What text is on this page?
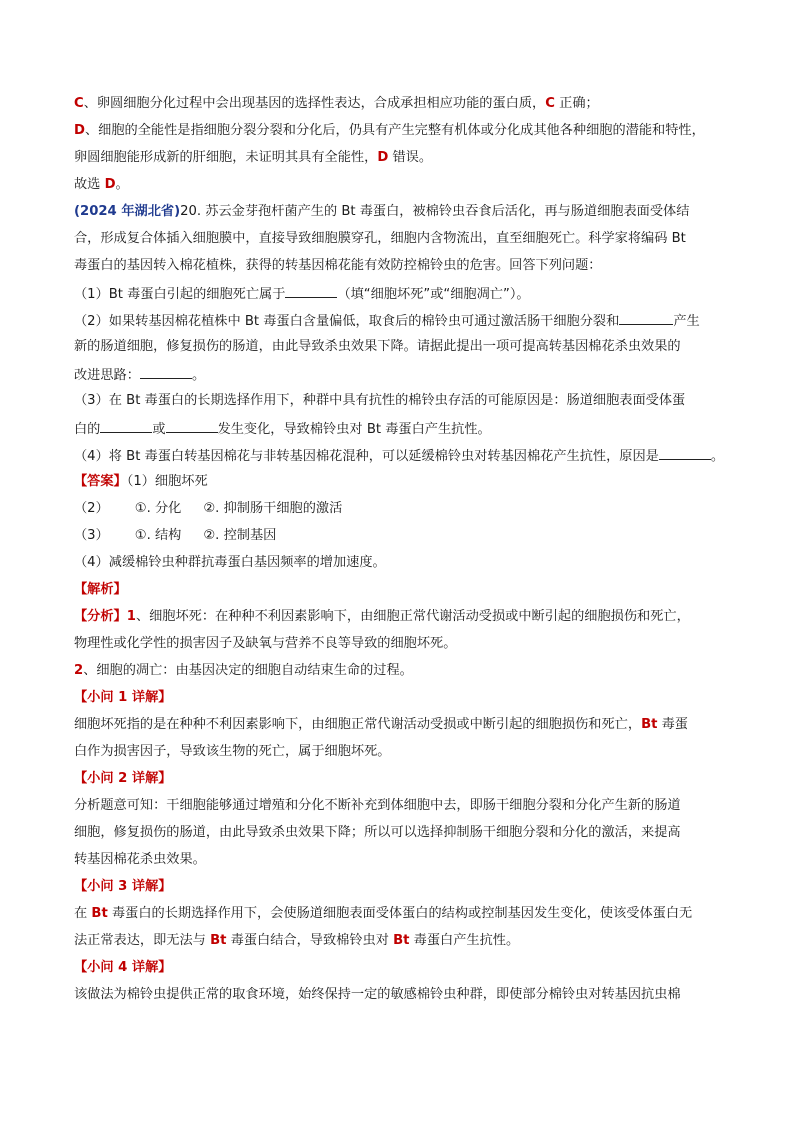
C、卵圆细胞分化过程中会出现基因的选择性表达，合成承担相应功能的蛋白质，C 正确；
D、细胞的全能性是指细胞分裂分裂和分化后，仍具有产生完整有机体或分化成其他各种细胞的潜能和特性，
卵圆细胞能形成新的肝细胞，未证明其具有全能性，D 错误。
故选 D。
(2024 年湖北省)20. 苏云金芽孢杆菌产生的 Bt 毒蛋白，被棉铃虫吞食后活化，再与肠道细胞表面受体结
合，形成复合体插入细胞膜中，直接导致细胞膜穿孔，细胞内含物流出，直至细胞死亡。科学家将编码 Bt
毒蛋白的基因转入棉花植株，获得的转基因棉花能有效防控棉铃虫的危害。回答下列问题：
（1）Bt 毒蛋白引起的细胞死亡属于	（填“细胞坏死”或“细胞凋亡”）。
（2）如果转基因棉花植株中 Bt 毒蛋白含量偏低，取食后的棉铃虫可通过激活肠干细胞分裂和	产生
新的肠道细胞，修复损伤的肠道，由此导致杀虫效果下降。请据此提出一项可提高转基因棉花杀虫效果的
改进思路：	。
（3）在 Bt 毒蛋白的长期选择作用下，种群中具有抗性的棉铃虫存活的可能原因是：肠道细胞表面受体蛋
白的	或	发生变化，导致棉铃虫对 Bt 毒蛋白产生抗性。
（4）将 Bt 毒蛋白转基因棉花与非转基因棉花混种，可以延缓棉铃虫对转基因棉花产生抗性，原因是	。
【答案】（1）细胞坏死
（2） ①. 分化 ②. 抑制肠干细胞的激活
（3） ①. 结构 ②. 控制基因
（4）减缓棉铃虫种群抗毒蛋白基因频率的增加速度。
【解析】
【分析】1、细胞坏死：在种种不利因素影响下，由细胞正常代谢活动受损或中断引起的细胞损伤和死亡，
物理性或化学性的损害因子及缺氧与营养不良等导致的细胞坏死。
2、细胞的凋亡：由基因决定的细胞自动结束生命的过程。
【小问 1 详解】
细胞坏死指的是在种种不利因素影响下，由细胞正常代谢活动受损或中断引起的细胞损伤和死亡，Bt 毒蛋
白作为损害因子，导致该生物的死亡，属于细胞坏死。
【小问 2 详解】
分析题意可知：干细胞能够通过增殖和分化不断补充到体细胞中去，即肠干细胞分裂和分化产生新的肠道
细胞，修复损伤的肠道，由此导致杀虫效果下降；所以可以选择抑制肠干细胞分裂和分化的激活，来提高
转基因棉花杀虫效果。
【小问 3 详解】
在 Bt 毒蛋白的长期选择作用下，会使肠道细胞表面受体蛋白的结构或控制基因发生变化，使该受体蛋白无
法正常表达，即无法与 Bt 毒蛋白结合，导致棉铃虫对 Bt 毒蛋白产生抗性。
【小问 4 详解】
该做法为棉铃虫提供正常的取食环境，始终保持一定的敏感棉铃虫种群，即使部分棉铃虫对转基因抗虫棉
